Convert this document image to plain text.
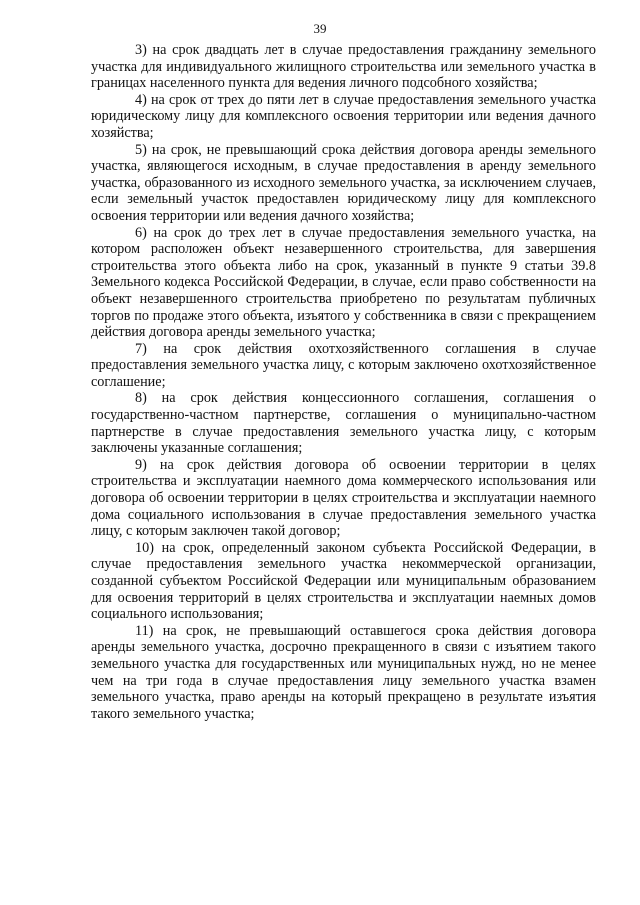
39

3) на срок двадцать лет в случае предоставления гражданину земельного участка для индивидуального жилищного строительства или земельного участка в границах населенного пункта для ведения личного подсобного хозяйства;

4) на срок от трех до пяти лет в случае предоставления земельного участка юридическому лицу для комплексного освоения территории или ведения дачного хозяйства;

5) на срок, не превышающий срока действия договора аренды земельного участка, являющегося исходным, в случае предоставления в аренду земельного участка, образованного из исходного земельного участка, за исключением случаев, если земельный участок предоставлен юридическому лицу для комплексного освоения территории или ведения дачного хозяйства;

6) на срок до трех лет в случае предоставления земельного участка, на котором расположен объект незавершенного строительства, для завершения строительства этого объекта либо на срок, указанный в пункте 9 статьи 39.8 Земельного кодекса Российской Федерации, в случае, если право собственности на объект незавершенного строительства приобретено по результатам публичных торгов по продаже этого объекта, изъятого у собственника в связи с прекращением действия договора аренды земельного участка;

7) на срок действия охотхозяйственного соглашения в случае предоставления земельного участка лицу, с которым заключено охотхозяйственное соглашение;

8) на срок действия концессионного соглашения, соглашения о государственно-частном партнерстве, соглашения о муниципально-частном партнерстве в случае предоставления земельного участка лицу, с которым заключены указанные соглашения;

9) на срок действия договора об освоении территории в целях строительства и эксплуатации наемного дома коммерческого использования или договора об освоении территории в целях строительства и эксплуатации наемного дома социального использования в случае предоставления земельного участка лицу, с которым заключен такой договор;

10) на срок, определенный законом субъекта Российской Федерации, в случае предоставления земельного участка некоммерческой организации, созданной субъектом Российской Федерации или муниципальным образованием для освоения территорий в целях строительства и эксплуатации наемных домов социального использования;

11) на срок, не превышающий оставшегося срока действия договора аренды земельного участка, досрочно прекращенного в связи с изъятием такого земельного участка для государственных или муниципальных нужд, но не менее чем на три года в случае предоставления лицу земельного участка взамен земельного участка, право аренды на который прекращено в результате изъятия такого земельного участка;
